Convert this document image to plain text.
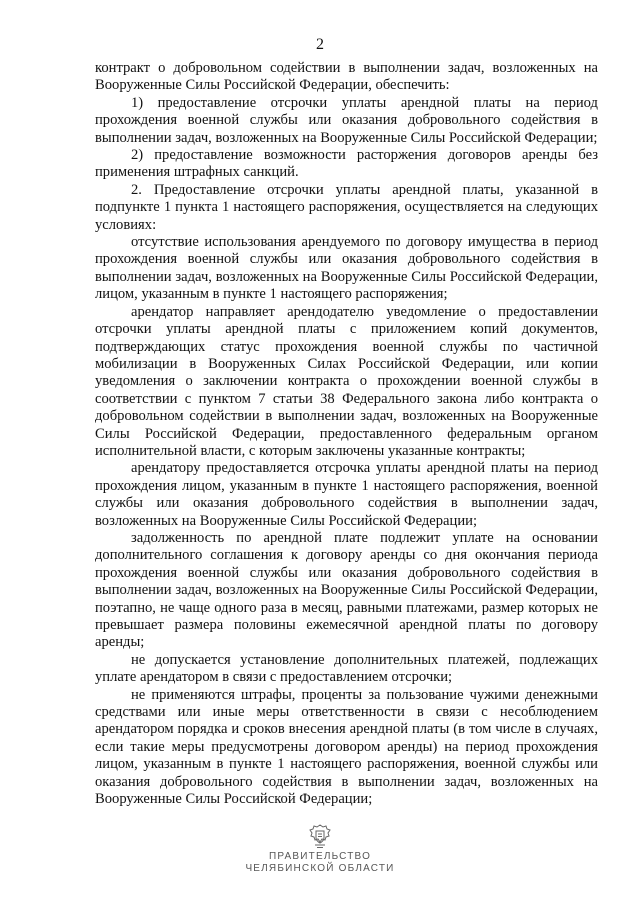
2

контракт о добровольном содействии в выполнении задач, возложенных на Вооруженные Силы Российской Федерации, обеспечить:

1) предоставление отсрочки уплаты арендной платы на период прохождения военной службы или оказания добровольного содействия в выполнении задач, возложенных на Вооруженные Силы Российской Федерации;

2) предоставление возможности расторжения договоров аренды без применения штрафных санкций.

2. Предоставление отсрочки уплаты арендной платы, указанной в подпункте 1 пункта 1 настоящего распоряжения, осуществляется на следующих условиях:

отсутствие использования арендуемого по договору имущества в период прохождения военной службы или оказания добровольного содействия в выполнении задач, возложенных на Вооруженные Силы Российской Федерации, лицом, указанным в пункте 1 настоящего распоряжения;

арендатор направляет арендодателю уведомление о предоставлении отсрочки уплаты арендной платы с приложением копий документов, подтверждающих статус прохождения военной службы по частичной мобилизации в Вооруженных Силах Российской Федерации, или копии уведомления о заключении контракта о прохождении военной службы в соответствии с пунктом 7 статьи 38 Федерального закона либо контракта о добровольном содействии в выполнении задач, возложенных на Вооруженные Силы Российской Федерации, предоставленного федеральным органом исполнительной власти, с которым заключены указанные контракты;

арендатору предоставляется отсрочка уплаты арендной платы на период прохождения лицом, указанным в пункте 1 настоящего распоряжения, военной службы или оказания добровольного содействия в выполнении задач, возложенных на Вооруженные Силы Российской Федерации;

задолженность по арендной плате подлежит уплате на основании дополнительного соглашения к договору аренды со дня окончания периода прохождения военной службы или оказания добровольного содействия в выполнении задач, возложенных на Вооруженные Силы Российской Федерации, поэтапно, не чаще одного раза в месяц, равными платежами, размер которых не превышает размера половины ежемесячной арендной платы по договору аренды;

не допускается установление дополнительных платежей, подлежащих уплате арендатором в связи с предоставлением отсрочки;

не применяются штрафы, проценты за пользование чужими денежными средствами или иные меры ответственности в связи с несоблюдением арендатором порядка и сроков внесения арендной платы (в том числе в случаях, если такие меры предусмотрены договором аренды) на период прохождения лицом, указанным в пункте 1 настоящего распоряжения, военной службы или оказания добровольного содействия в выполнении задач, возложенных на Вооруженные Силы Российской Федерации;

ПРАВИТЕЛЬСТВО
ЧЕЛЯБИНСКОЙ ОБЛАСТИ
